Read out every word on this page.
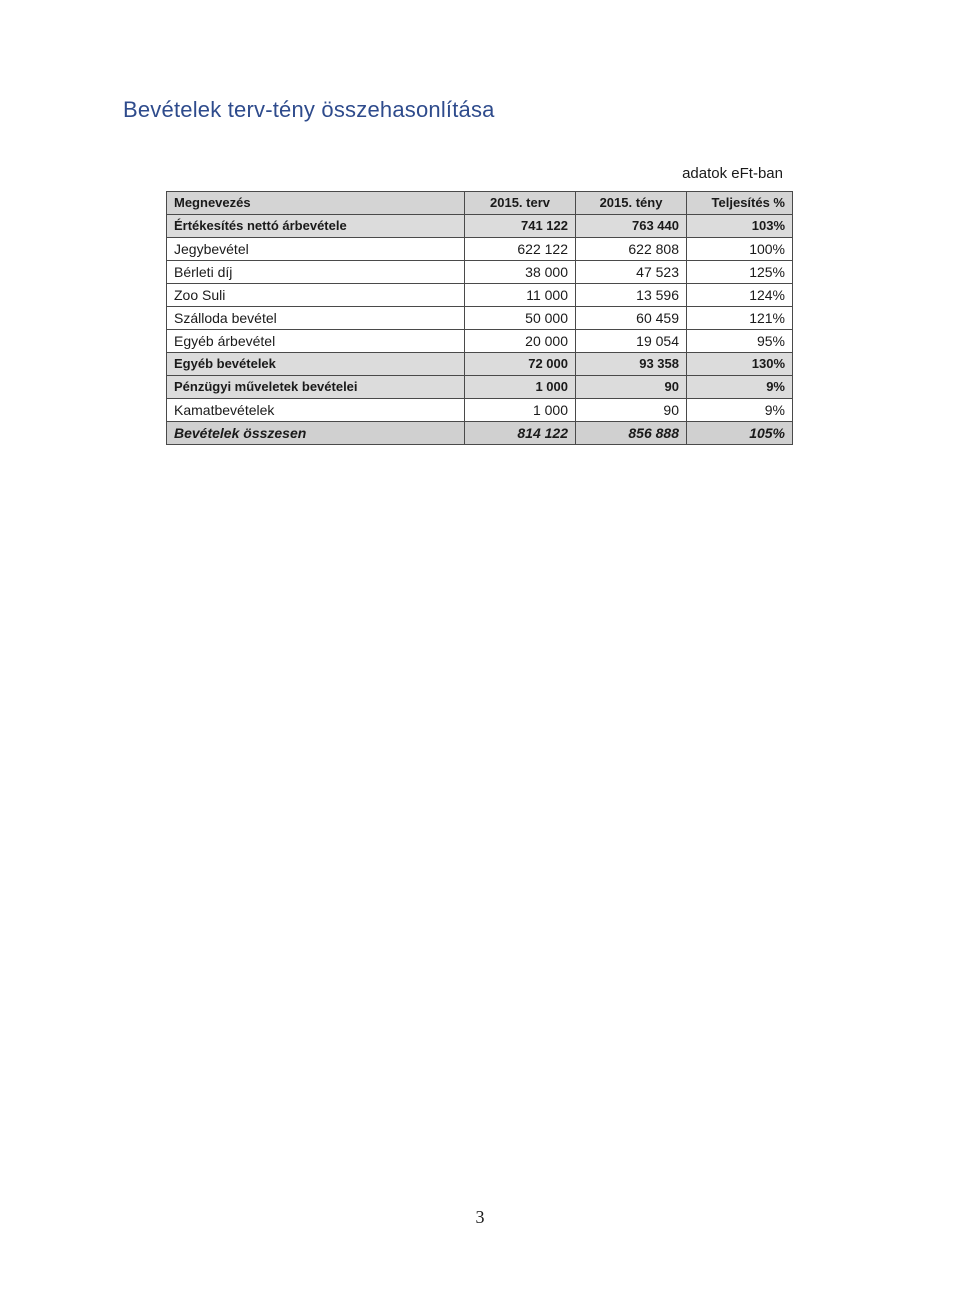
Bevételek terv-tény összehasonlítása
adatok eFt-ban
Megnevezés	2015. terv	2015. tény	Teljesítés %
Értékesítés nettó árbevétele	741 122	763 440	103%
Jegybevétel	622 122	622 808	100%
Bérleti díj	38 000	47 523	125%
Zoo Suli	11 000	13 596	124%
Szálloda bevétel	50 000	60 459	121%
Egyéb árbevétel	20 000	19 054	95%
Egyéb bevételek	72 000	93 358	130%
Pénzügyi műveletek bevételei	1 000	90	9%
Kamatbevételek	1 000	90	9%
Bevételek összesen	814 122	856 888	105%
3
